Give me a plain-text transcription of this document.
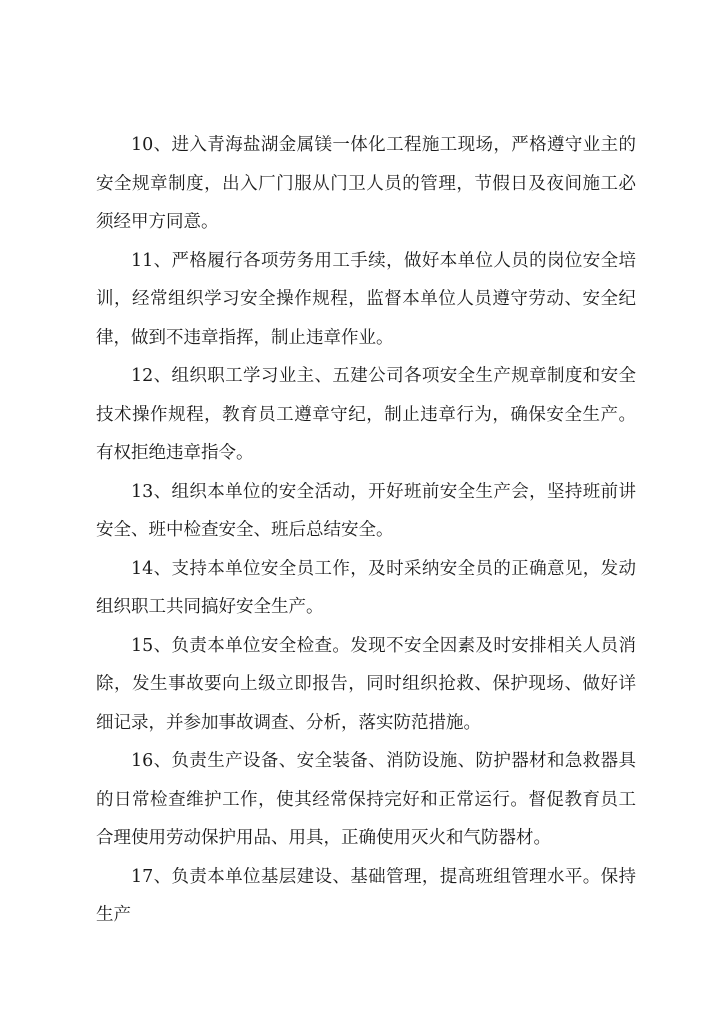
10、进入青海盐湖金属镁一体化工程施工现场，严格遵守业主的安全规章制度，出入厂门服从门卫人员的管理，节假日及夜间施工必须经甲方同意。

11、严格履行各项劳务用工手续，做好本单位人员的岗位安全培训，经常组织学习安全操作规程，监督本单位人员遵守劳动、安全纪律，做到不违章指挥，制止违章作业。

12、组织职工学习业主、五建公司各项安全生产规章制度和安全技术操作规程，教育员工遵章守纪，制止违章行为，确保安全生产。有权拒绝违章指令。

13、组织本单位的安全活动，开好班前安全生产会，坚持班前讲安全、班中检查安全、班后总结安全。

14、支持本单位安全员工作，及时采纳安全员的正确意见，发动组织职工共同搞好安全生产。

15、负责本单位安全检查。发现不安全因素及时安排相关人员消除，发生事故要向上级立即报告，同时组织抢救、保护现场、做好详细记录，并参加事故调查、分析，落实防范措施。

16、负责生产设备、安全装备、消防设施、防护器材和急救器具的日常检查维护工作，使其经常保持完好和正常运行。督促教育员工合理使用劳动保护用品、用具，正确使用灭火和气防器材。

17、负责本单位基层建设、基础管理，提高班组管理水平。保持生产
